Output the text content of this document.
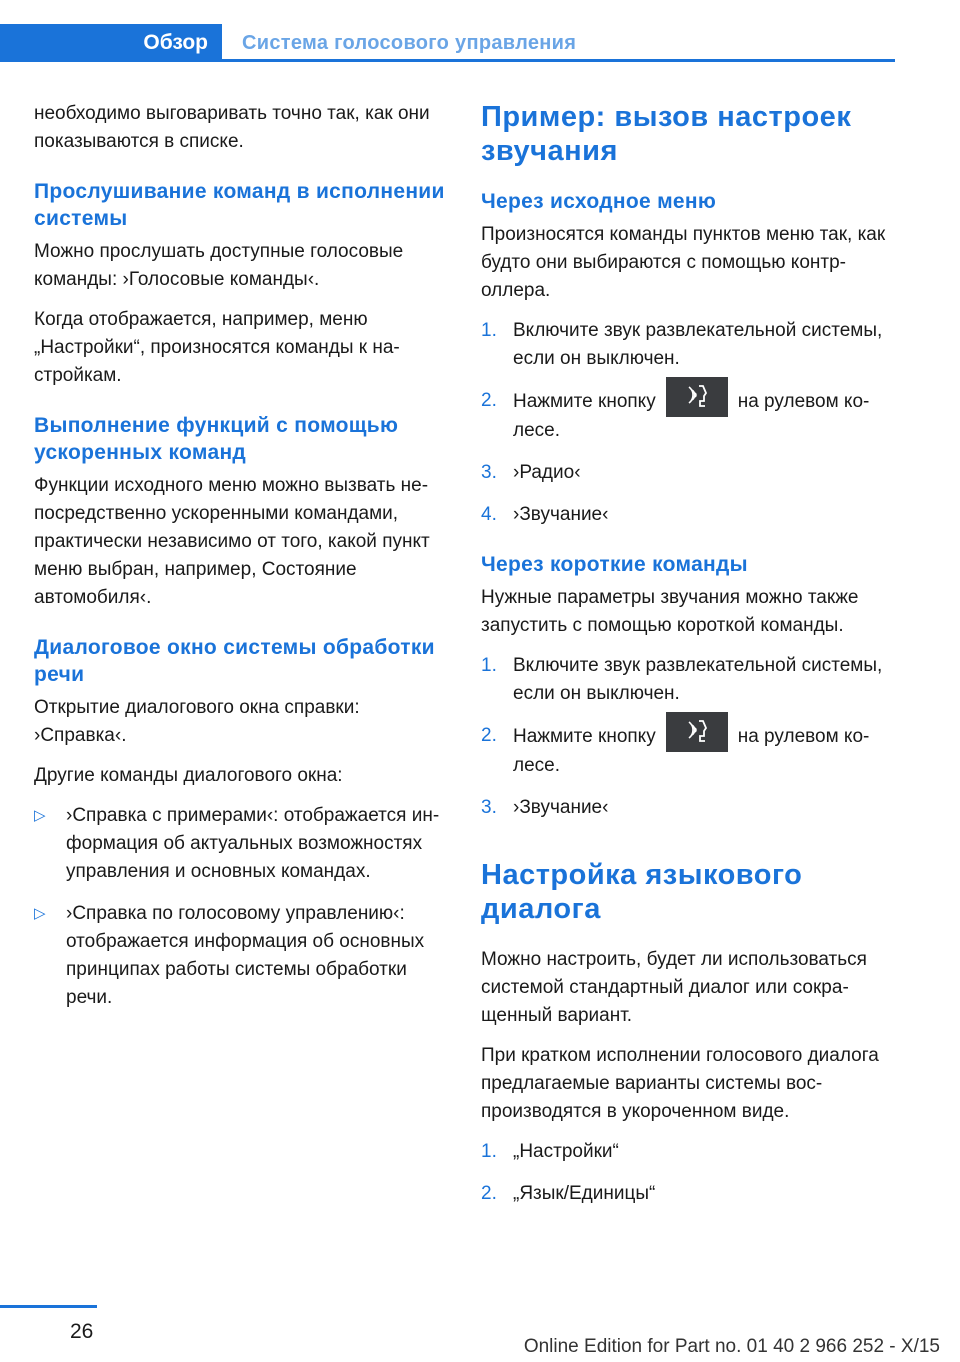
Обзор	Система голосового управления

необходимо выговаривать точно так, как они показываются в списке.

Прослушивание команд в исполнении системы

Можно прослушать доступные голосовые команды: ›Голосовые команды‹.

Когда отображается, например, меню „Настройки“, произносятся команды к настройкам.

Выполнение функций с помощью ускоренных команд

Функции исходного меню можно вызвать непосредственно ускоренными командами, практически независимо от того, какой пункт меню выбран, например, Состояние автомобиля‹.

Диалоговое окно системы обработки речи

Открытие диалогового окна справки: ›Справка‹.

Другие команды диалогового окна:

▷ ›Справка с примерами‹: отображается информация об актуальных возможностях управления и основных командах.
▷ ›Справка по голосовому управлению‹: отображается информация об основных принципах работы системы обработки речи.
Пример: вызов настроек звучания
Через исходное меню

Произносятся команды пунктов меню так, как будто они выбираются с помощью контроллера.

1. Включите звук развлекательной системы, если он выключен.
2. Нажмите кнопку	на рулевом колесе.
3. ›Радио‹
4. ›Звучание‹
Через короткие команды

Нужные параметры звучания можно также запустить с помощью короткой команды.

1. Включите звук развлекательной системы, если он выключен.
2. Нажмите кнопку	на рулевом колесе.
3. ›Звучание‹
Настройка языкового диалога

Можно настроить, будет ли использоваться системой стандартный диалог или сокращенный вариант.

При кратком исполнении голосового диалога предлагаемые варианты системы воспроизводятся в укороченном виде.

1. „Настройки“
2. „Язык/Единицы“
26
Online Edition for Part no. 01 40 2 966 252 - X/15
